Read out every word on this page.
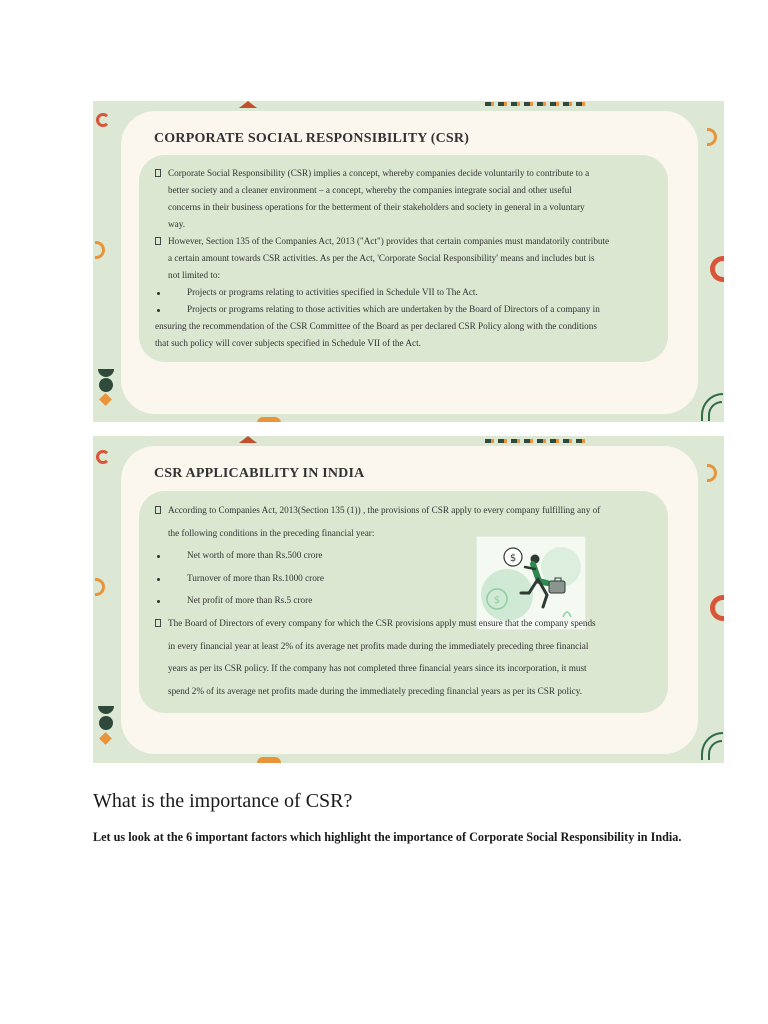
CORPORATE SOCIAL RESPONSIBILITY (CSR)
Corporate Social Responsibility (CSR) implies a concept, whereby companies decide voluntarily to contribute to a
better society and a cleaner environment – a concept, whereby the companies integrate social and other useful
concerns in their business operations for the betterment of their stakeholders and society in general in a voluntary
way.
However, Section 135 of the Companies Act, 2013 ("Act") provides that certain companies must mandatorily contribute
a certain amount towards CSR activities. As per the Act, 'Corporate Social Responsibility' means and includes but is
not limited to:
Projects or programs relating to activities specified in Schedule VII to The Act.
Projects or programs relating to those activities which are undertaken by the Board of Directors of a company in
ensuring the recommendation of the CSR Committee of the Board as per declared CSR Policy along with the conditions
that such policy will cover subjects specified in Schedule VII of the Act.
CSR APPLICABILITY IN INDIA
$
$
According to Companies Act, 2013(Section 135 (1)) , the provisions of CSR apply to every company fulfilling any of
the following conditions in the preceding financial year:
Net worth of more than Rs.500 crore
Turnover of more than Rs.1000 crore
Net profit of more than Rs.5 crore
The Board of Directors of every company for which the CSR provisions apply must ensure that the company spends
in every financial year at least 2% of its average net profits made during the immediately preceding three financial
years as per its CSR policy. If the company has not completed three financial years since its incorporation, it must
spend 2% of its average net profits made during the immediately preceding financial years as per its CSR policy.
What is the importance of CSR?

Let us look at the 6 important factors which highlight the importance of Corporate Social Responsibility in India.
